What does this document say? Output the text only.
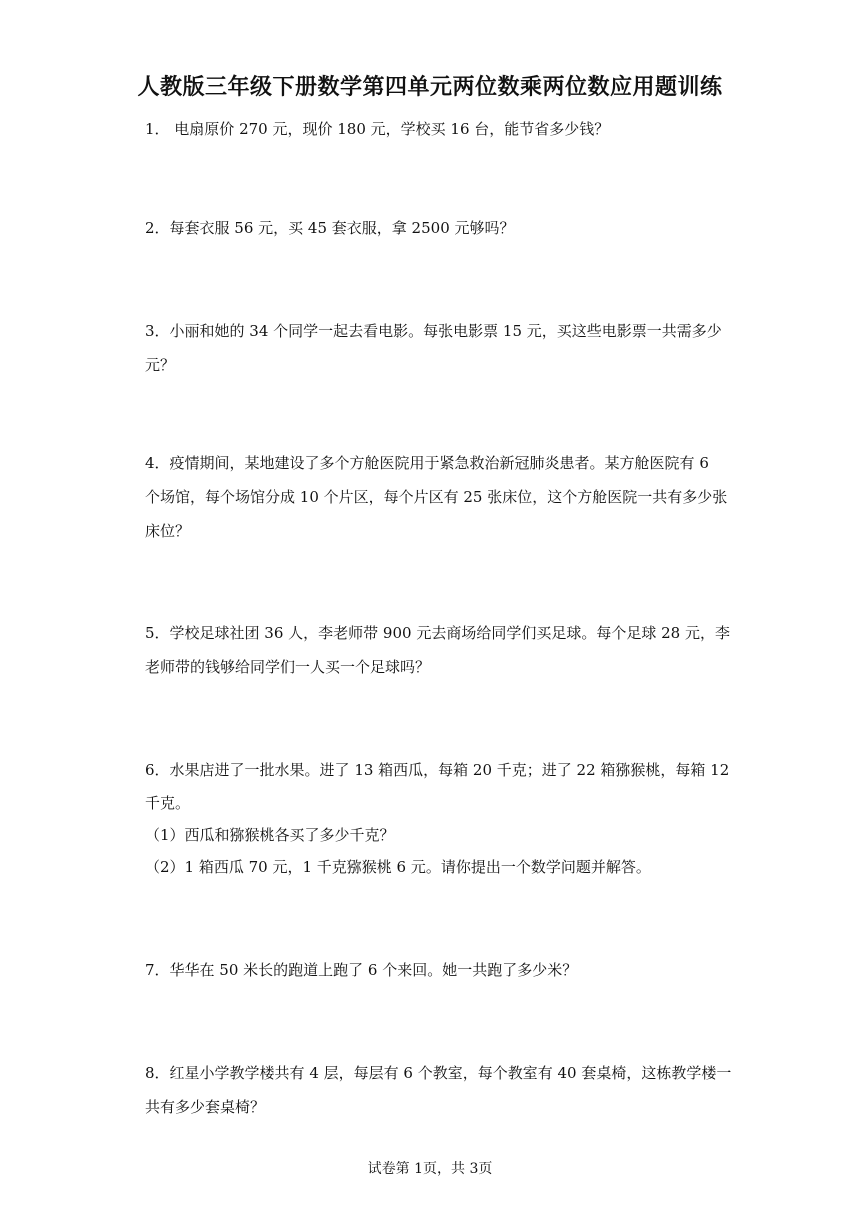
人教版三年级下册数学第四单元两位数乘两位数应用题训练
1． 电扇原价 270 元，现价 180 元，学校买 16 台，能节省多少钱？
2．每套衣服 56 元，买 45 套衣服，拿 2500 元够吗？
3．小丽和她的 34 个同学一起去看电影。每张电影票 15 元，买这些电影票一共需多少
元？
4．疫情期间，某地建设了多个方舱医院用于紧急救治新冠肺炎患者。某方舱医院有 6
个场馆，每个场馆分成 10 个片区，每个片区有 25 张床位，这个方舱医院一共有多少张
床位？
5．学校足球社团 36 人，李老师带 900 元去商场给同学们买足球。每个足球 28 元，李
老师带的钱够给同学们一人买一个足球吗？
6．水果店进了一批水果。进了 13 箱西瓜，每箱 20 千克；进了 22 箱猕猴桃，每箱 12
千克。
（1）西瓜和猕猴桃各买了多少千克？
（2）1 箱西瓜 70 元，1 千克猕猴桃 6 元。请你提出一个数学问题并解答。
7．华华在 50 米长的跑道上跑了 6 个来回。她一共跑了多少米？
8．红星小学教学楼共有 4 层，每层有 6 个教室，每个教室有 40 套桌椅，这栋教学楼一
共有多少套桌椅？
试卷第 1页，共 3页
